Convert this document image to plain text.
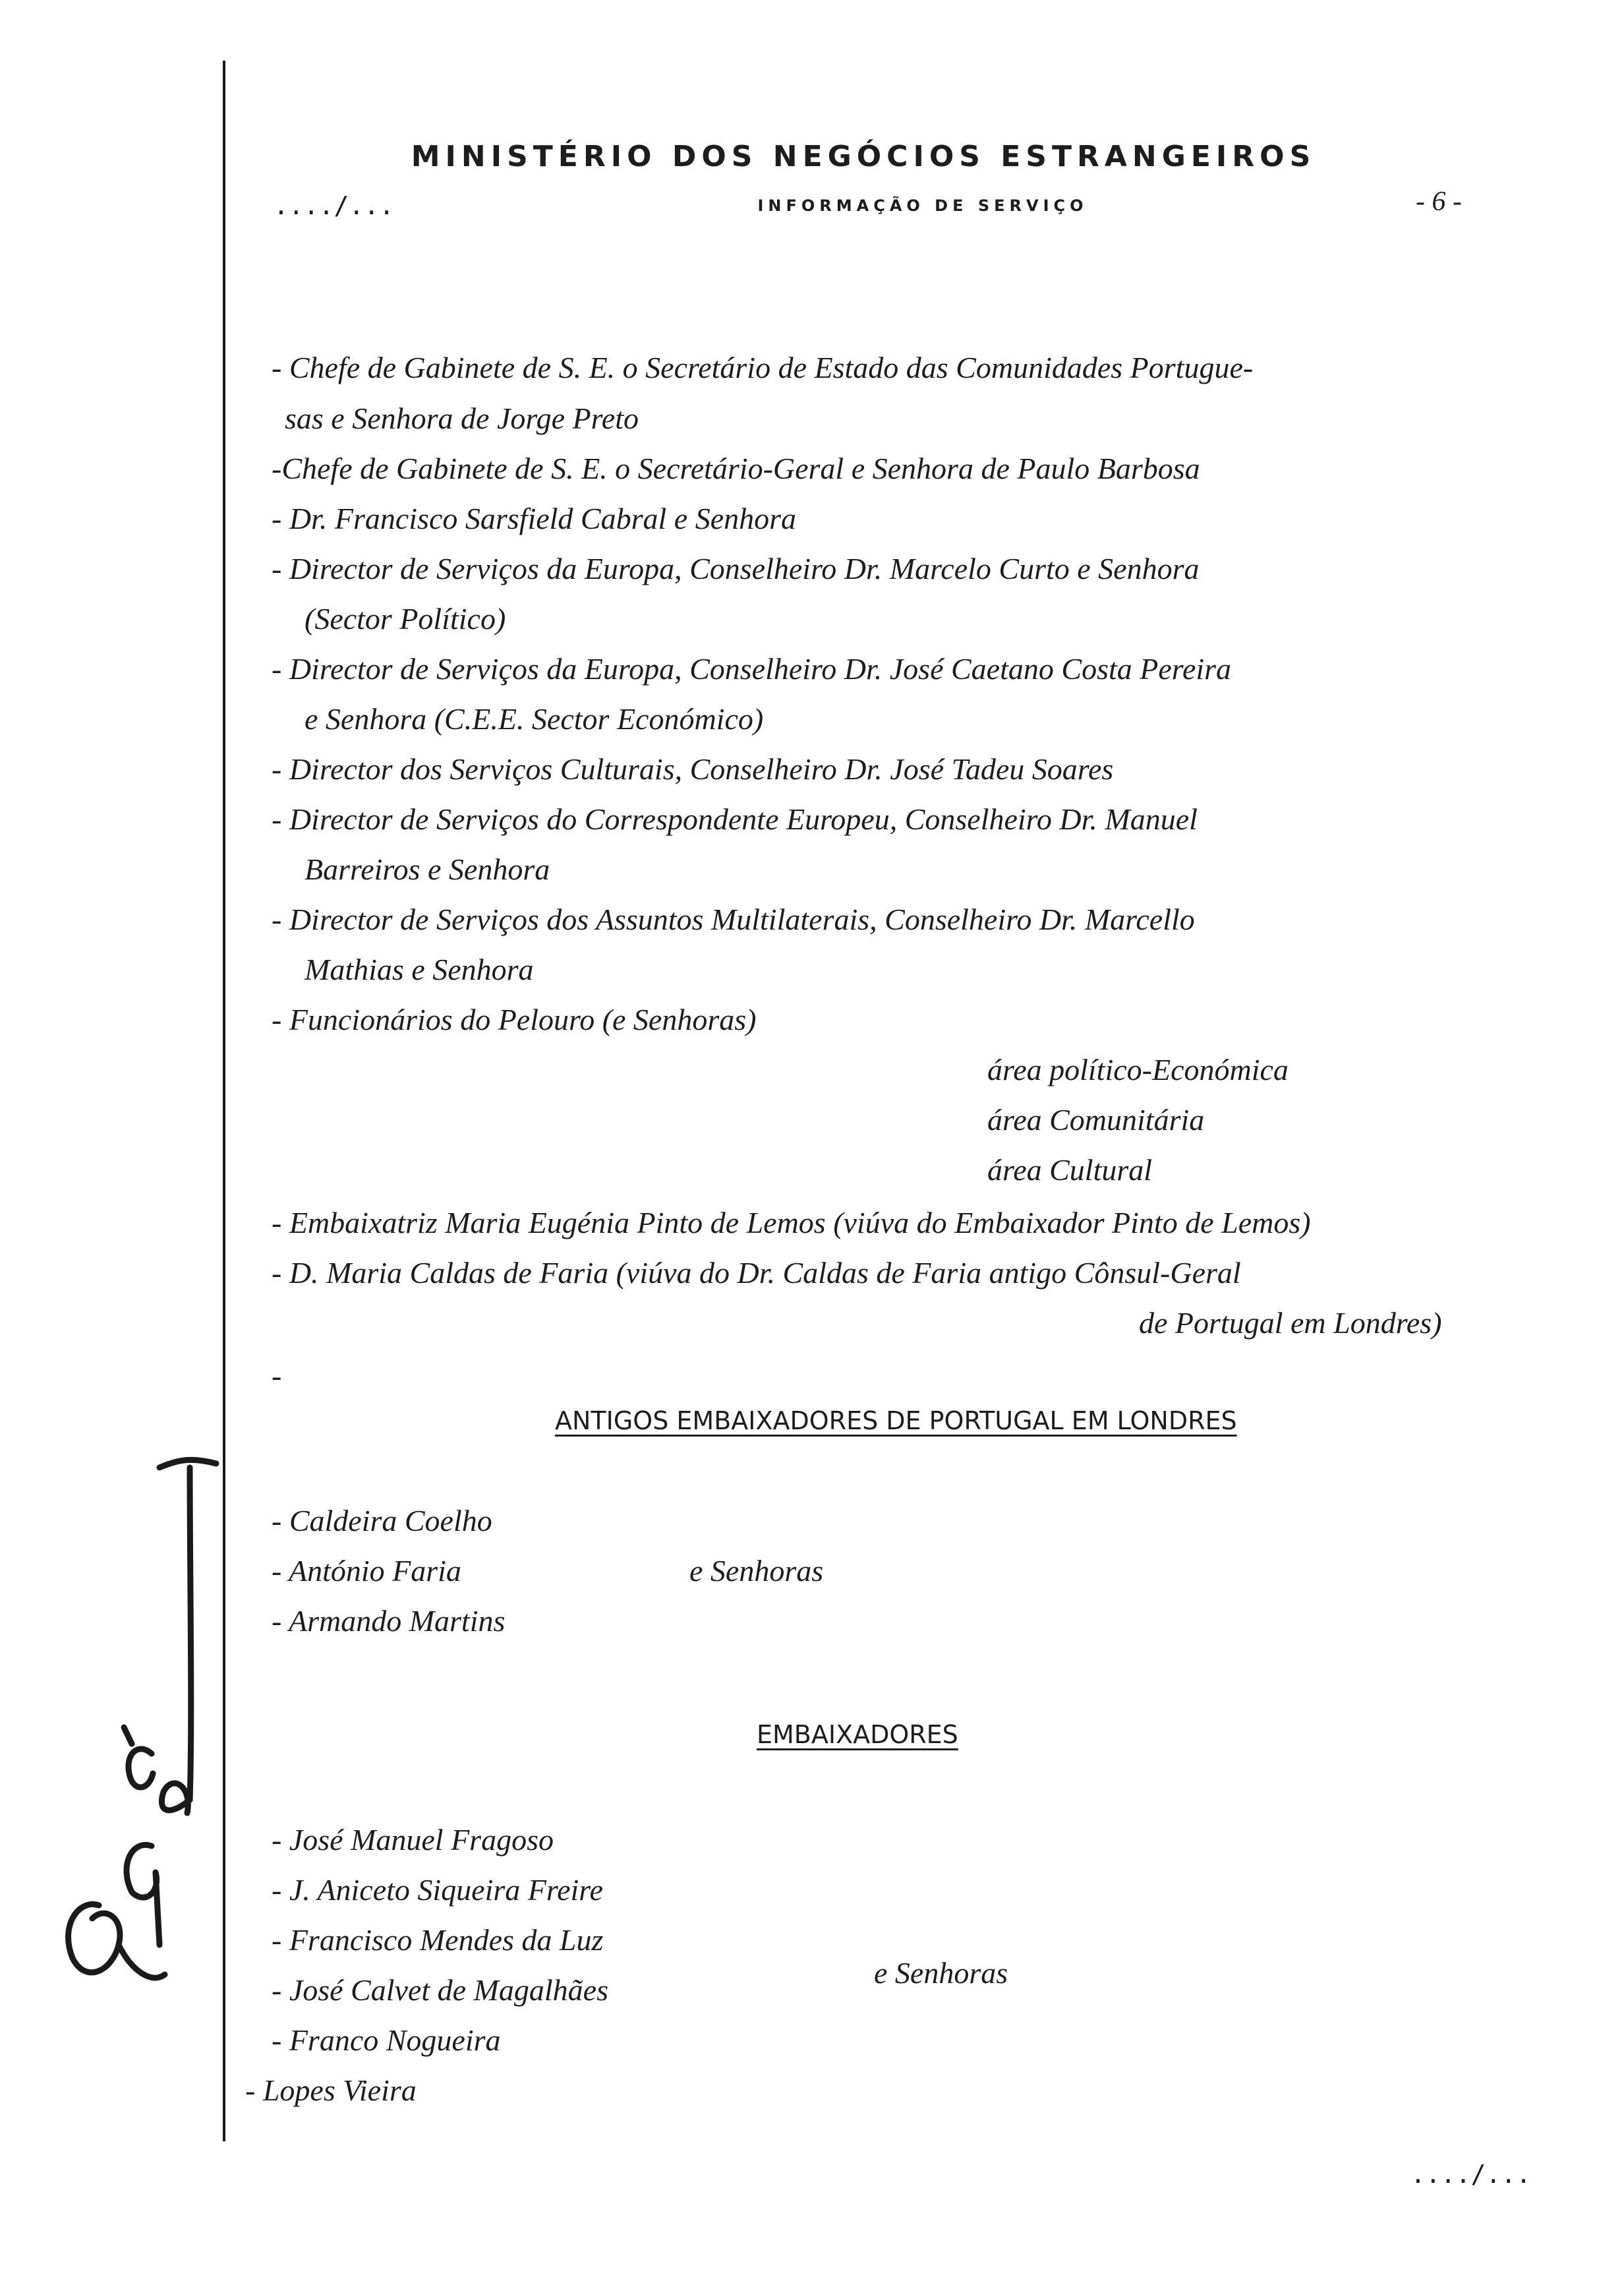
MINISTÉRIO DOS NEGÓCIOS ESTRANGEIROS
..../...	INFORMAÇÃO DE SERVIÇO	- 6 -
- Chefe de Gabinete de S. E. o Secretário de Estado das Comunidades Portugue-
sas e Senhora de Jorge Preto
-Chefe de Gabinete de S. E. o Secretário-Geral e Senhora de Paulo Barbosa
- Dr. Francisco Sarsfield Cabral e Senhora
- Director de Serviços da Europa, Conselheiro Dr. Marcelo Curto e Senhora
(Sector Político)
- Director de Serviços da Europa, Conselheiro Dr. José Caetano Costa Pereira
e Senhora (C.E.E. Sector Económico)
- Director dos Serviços Culturais, Conselheiro Dr. José Tadeu Soares
- Director de Serviços do Correspondente Europeu, Conselheiro Dr. Manuel
Barreiros e Senhora
- Director de Serviços dos Assuntos Multilaterais, Conselheiro Dr. Marcello
Mathias e Senhora
- Funcionários do Pelouro (e Senhoras)
área político-Económica
área Comunitária
área Cultural
- Embaixatriz Maria Eugénia Pinto de Lemos (viúva do Embaixador Pinto de Lemos)
- D. Maria Caldas de Faria (viúva do Dr. Caldas de Faria antigo Cônsul-Geral
de Portugal em Londres)
-
ANTIGOS EMBAIXADORES DE PORTUGAL EM LONDRES
- Caldeira Coelho
- António Faria	e Senhoras
- Armando Martins
EMBAIXADORES
- José Manuel Fragoso
- J. Aniceto Siqueira Freire
- Francisco Mendes da Luz
- José Calvet de Magalhães
e Senhoras
- Franco Nogueira
- Lopes Vieira
..../...
